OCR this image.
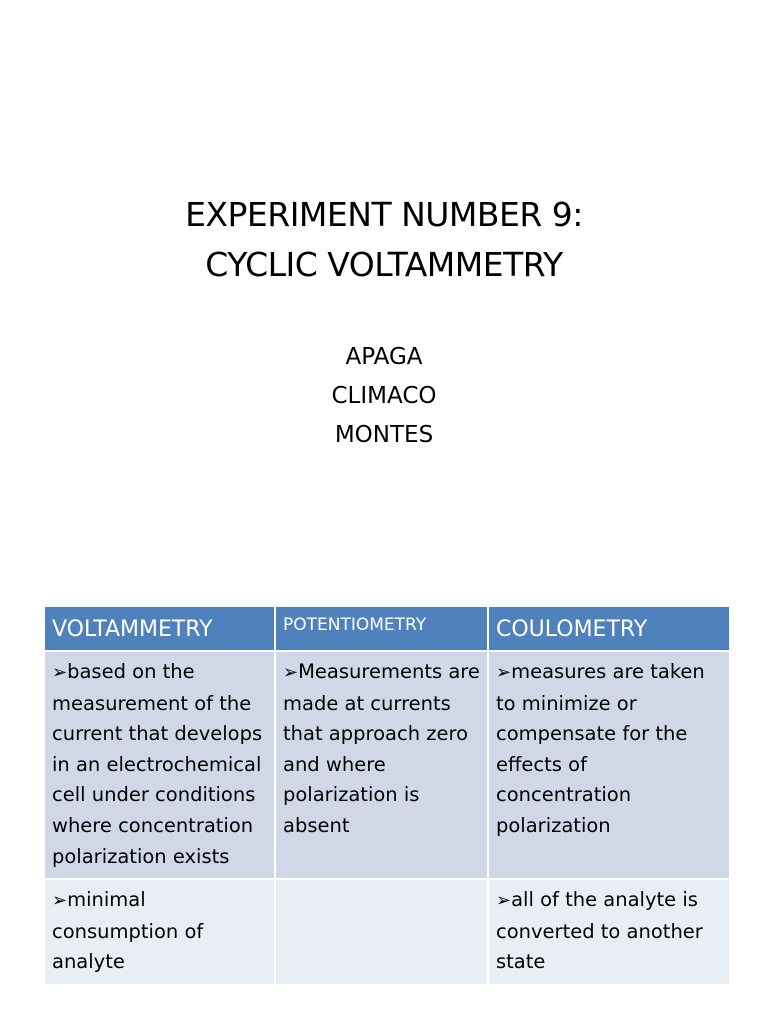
EXPERIMENT NUMBER 9:
CYCLIC VOLTAMMETRY
APAGA
CLIMACO
MONTES
VOLTAMMETRY	POTENTIOMETRY	COULOMETRY
➢based on the measurement of the current that develops in an electrochemical cell under conditions where concentration polarization exists	➢Measurements are made at currents that approach zero and where polarization is absent	➢measures are taken to minimize or compensate for the effects of concentration polarization
➢minimal consumption of analyte		➢all of the analyte is converted to another state
